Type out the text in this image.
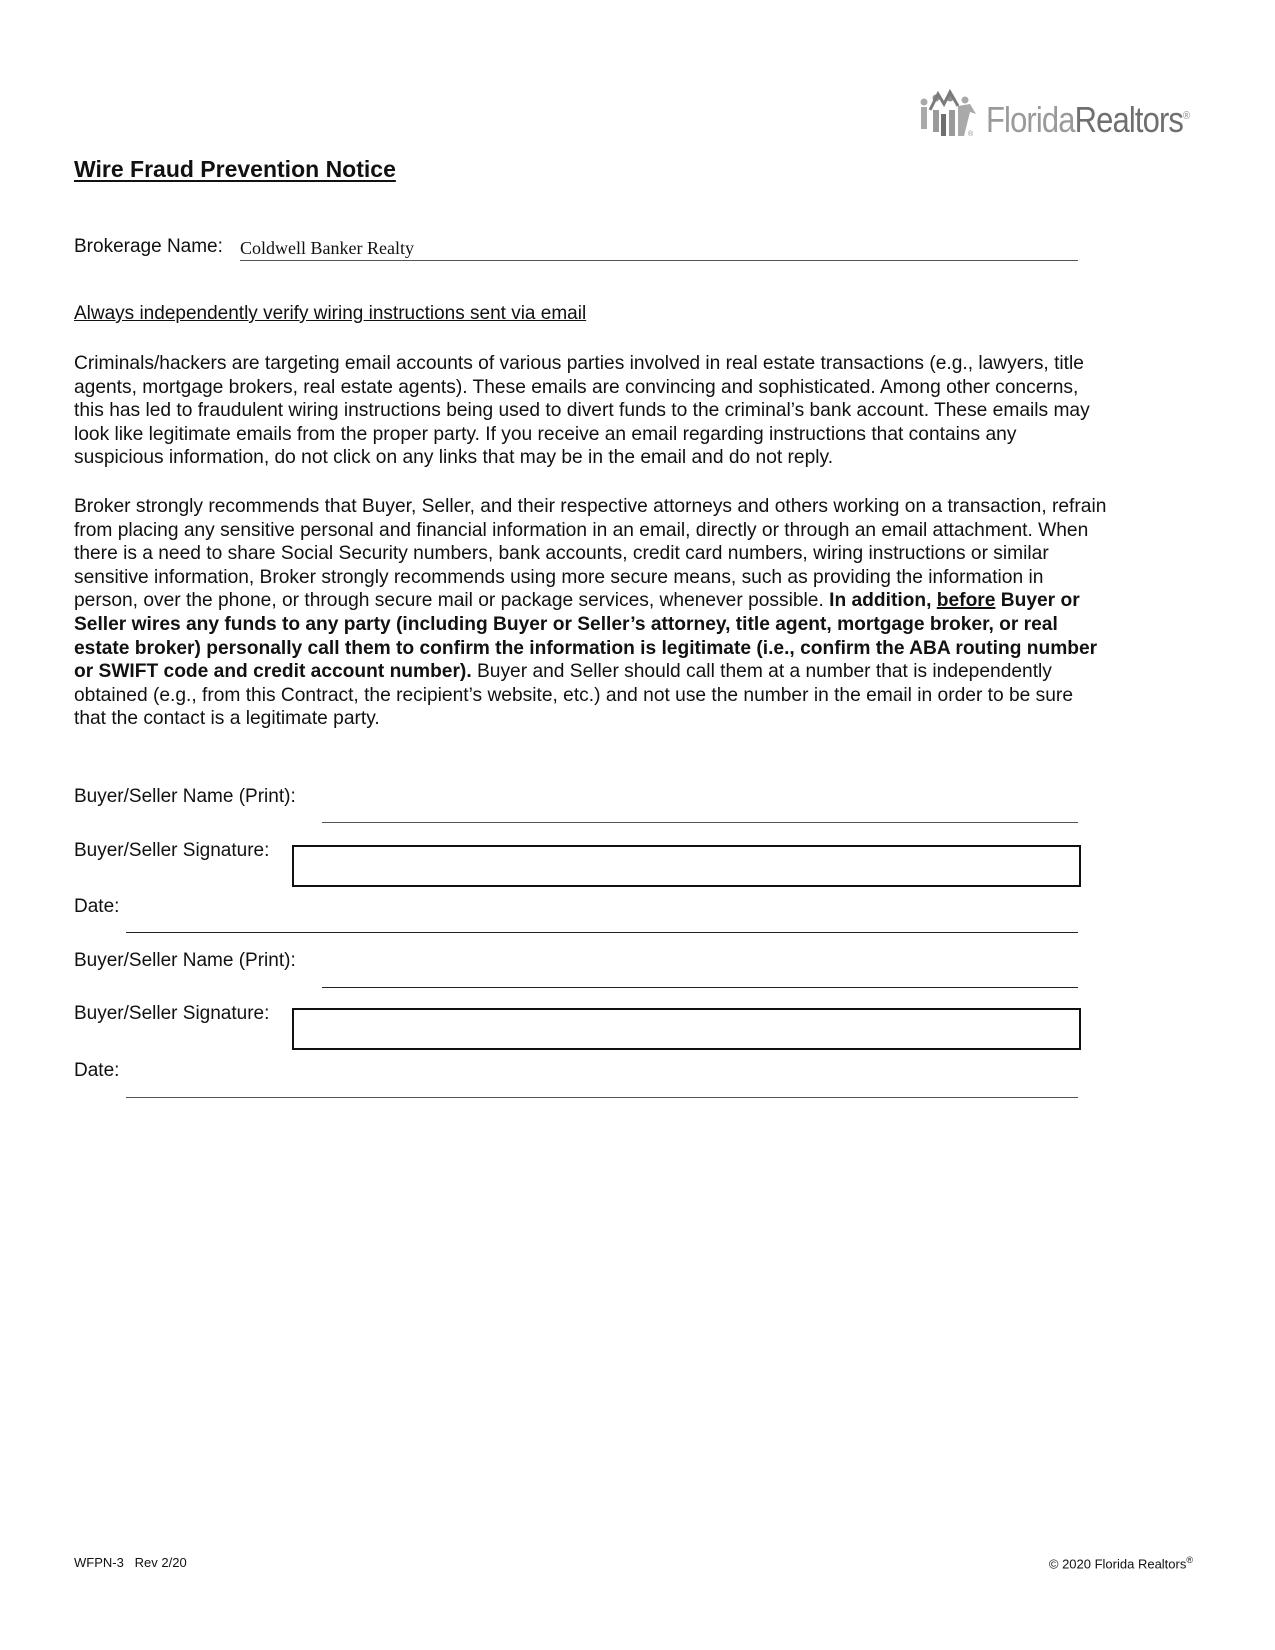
® FloridaRealtors®
Wire Fraud Prevention Notice
Brokerage Name: Coldwell Banker Realty
Always independently verify wiring instructions sent via email
Criminals/hackers are targeting email accounts of various parties involved in real estate transactions (e.g., lawyers, title
agents, mortgage brokers, real estate agents). These emails are convincing and sophisticated. Among other concerns,
this has led to fraudulent wiring instructions being used to divert funds to the criminal’s bank account. These emails may
look like legitimate emails from the proper party. If you receive an email regarding instructions that contains any
suspicious information, do not click on any links that may be in the email and do not reply.
Broker strongly recommends that Buyer, Seller, and their respective attorneys and others working on a transaction, refrain
from placing any sensitive personal and financial information in an email, directly or through an email attachment. When
there is a need to share Social Security numbers, bank accounts, credit card numbers, wiring instructions or similar
sensitive information, Broker strongly recommends using more secure means, such as providing the information in
person, over the phone, or through secure mail or package services, whenever possible. In addition, before Buyer or
Seller wires any funds to any party (including Buyer or Seller’s attorney, title agent, mortgage broker, or real
estate broker) personally call them to confirm the information is legitimate (i.e., confirm the ABA routing number
or SWIFT code and credit account number). Buyer and Seller should call them at a number that is independently
obtained (e.g., from this Contract, the recipient’s website, etc.) and not use the number in the email in order to be sure
that the contact is a legitimate party.
Buyer/Seller Name (Print):
Buyer/Seller Signature:
Date:
Buyer/Seller Name (Print):
Buyer/Seller Signature:
Date:
WFPN-3   Rev 2/20	© 2020 Florida Realtors®
